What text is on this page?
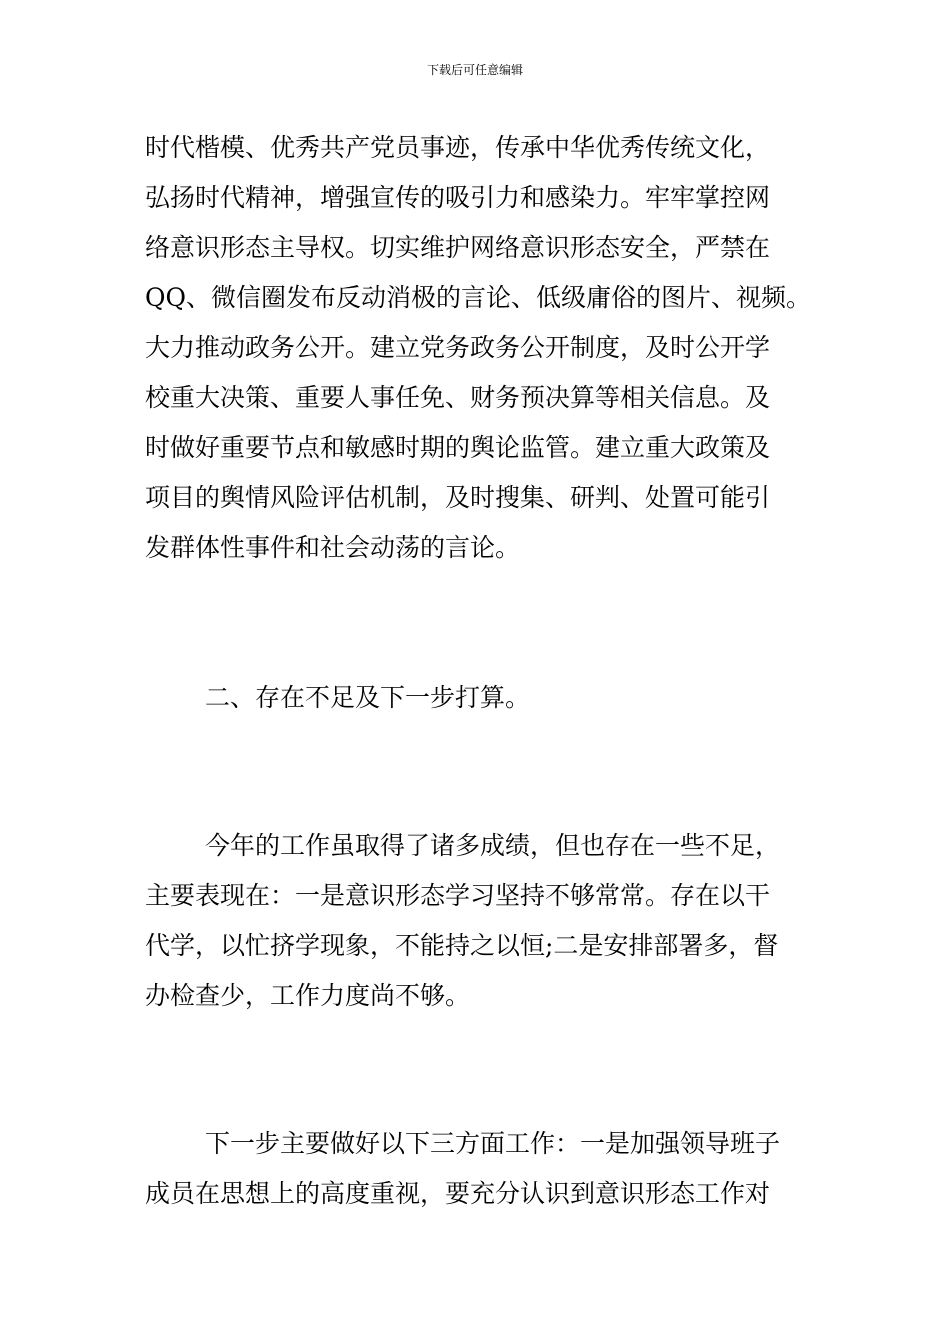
下载后可任意编辑
时代楷模、优秀共产党员事迹，传承中华优秀传统文化，
弘扬时代精神，增强宣传的吸引力和感染力。牢牢掌控网
络意识形态主导权。切实维护网络意识形态安全，严禁在
QQ、微信圈发布反动消极的言论、低级庸俗的图片、视频。
大力推动政务公开。建立党务政务公开制度，及时公开学
校重大决策、重要人事任免、财务预决算等相关信息。及
时做好重要节点和敏感时期的舆论监管。建立重大政策及
项目的舆情风险评估机制，及时搜集、研判、处置可能引
发群体性事件和社会动荡的言论。
二、存在不足及下一步打算。
今年的工作虽取得了诸多成绩，但也存在一些不足，
主要表现在：一是意识形态学习坚持不够常常。存在以干
代学，以忙挤学现象，不能持之以恒;二是安排部署多，督
办检查少，工作力度尚不够。
下一步主要做好以下三方面工作：一是加强领导班子
成员在思想上的高度重视，要充分认识到意识形态工作对
